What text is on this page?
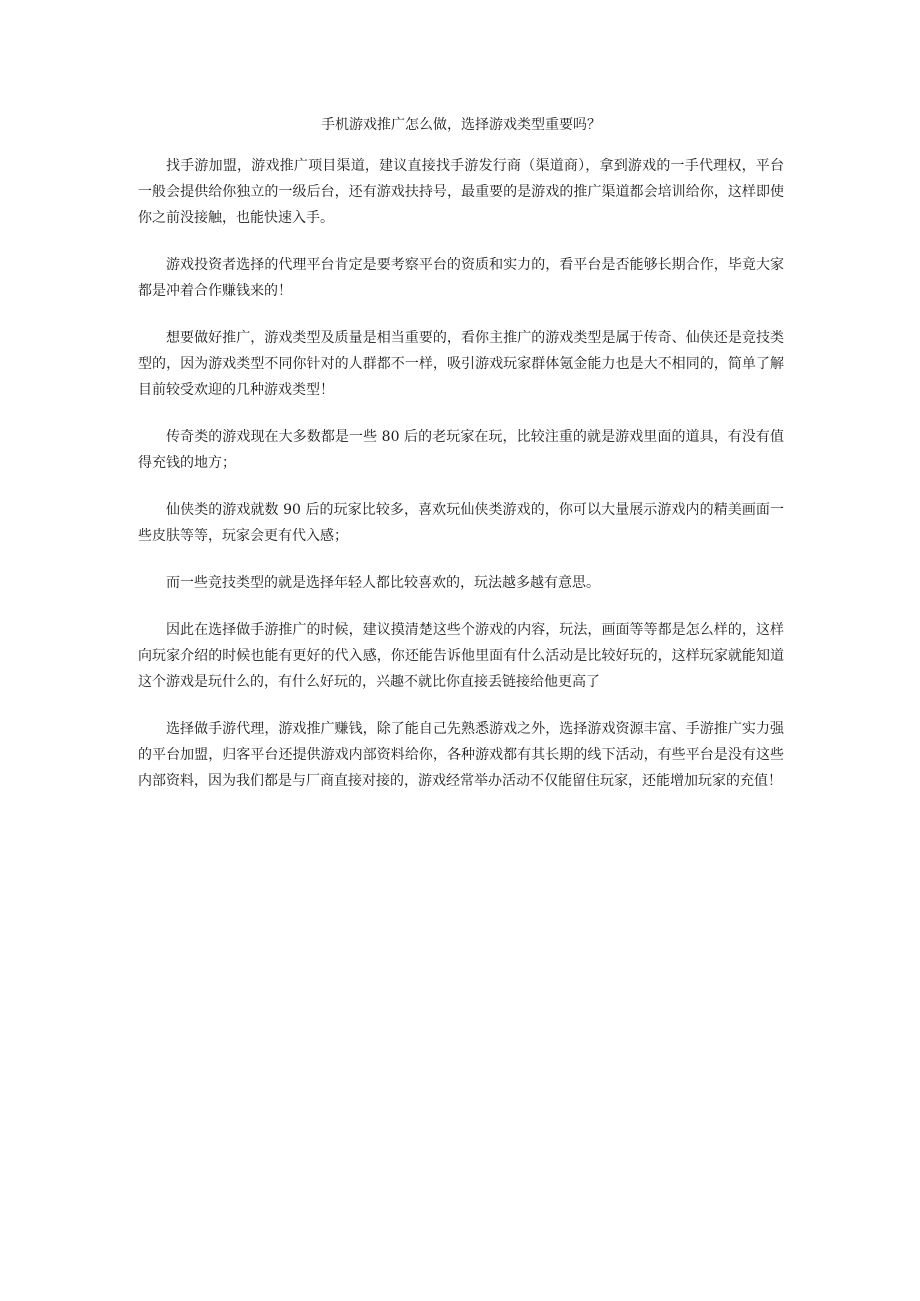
手机游戏推广怎么做，选择游戏类型重要吗？

找手游加盟，游戏推广项目渠道，建议直接找手游发行商（渠道商），拿到游戏的一手代理权，平台一般会提供给你独立的一级后台，还有游戏扶持号，最重要的是游戏的推广渠道都会培训给你，这样即使你之前没接触，也能快速入手。

游戏投资者选择的代理平台肯定是要考察平台的资质和实力的，看平台是否能够长期合作，毕竟大家都是冲着合作赚钱来的！

想要做好推广，游戏类型及质量是相当重要的，看你主推广的游戏类型是属于传奇、仙侠还是竞技类型的，因为游戏类型不同你针对的人群都不一样，吸引游戏玩家群体氪金能力也是大不相同的，简单了解目前较受欢迎的几种游戏类型！

传奇类的游戏现在大多数都是一些 80 后的老玩家在玩，比较注重的就是游戏里面的道具，有没有值得充钱的地方；

仙侠类的游戏就数 90 后的玩家比较多，喜欢玩仙侠类游戏的，你可以大量展示游戏内的精美画面一些皮肤等等，玩家会更有代入感；

而一些竞技类型的就是选择年轻人都比较喜欢的，玩法越多越有意思。

因此在选择做手游推广的时候，建议摸清楚这些个游戏的内容，玩法，画面等等都是怎么样的，这样向玩家介绍的时候也能有更好的代入感，你还能告诉他里面有什么活动是比较好玩的，这样玩家就能知道这个游戏是玩什么的，有什么好玩的，兴趣不就比你直接丢链接给他更高了

选择做手游代理，游戏推广赚钱，除了能自己先熟悉游戏之外，选择游戏资源丰富、手游推广实力强的平台加盟，归客平台还提供游戏内部资料给你，各种游戏都有其长期的线下活动，有些平台是没有这些内部资料，因为我们都是与厂商直接对接的，游戏经常举办活动不仅能留住玩家，还能增加玩家的充值！
